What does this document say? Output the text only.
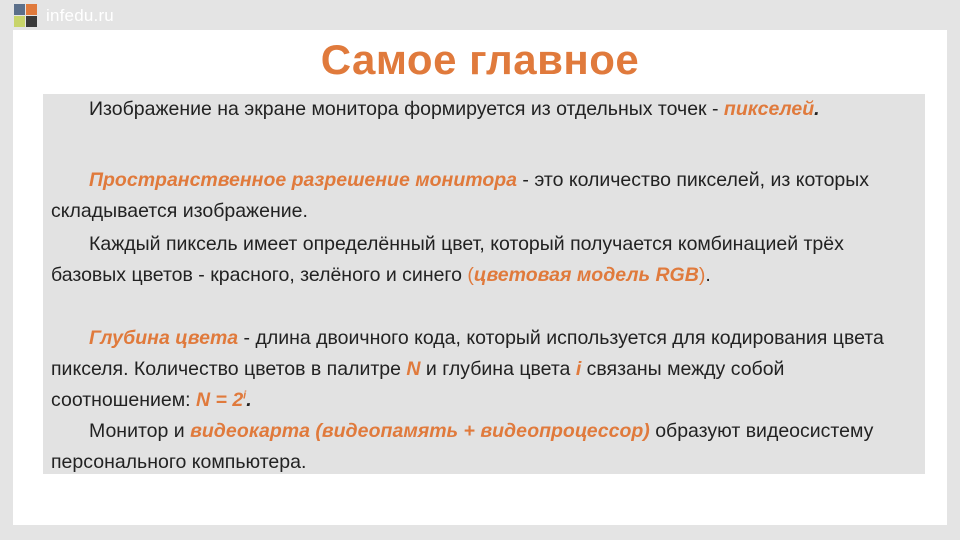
infedu.ru
Самое главное
Изображение на экране монитора формируется из отдельных точек - пикселей.
Пространственное разрешение монитора - это количество пикселей, из которых складывается изображение.
Каждый пиксель имеет определённый цвет, который получается комбинацией трёх базовых цветов - красного, зелёного и синего (цветовая модель RGB).
Глубина цвета - длина двоичного кода, который используется для кодирования цвета пикселя. Количество цветов в палитре N и глубина цвета i связаны между собой соотношением: $N = 2^i$.
Монитор и видеокарта (видеопамять + видеопроцессор) образуют видеосистему персонального компьютера.
